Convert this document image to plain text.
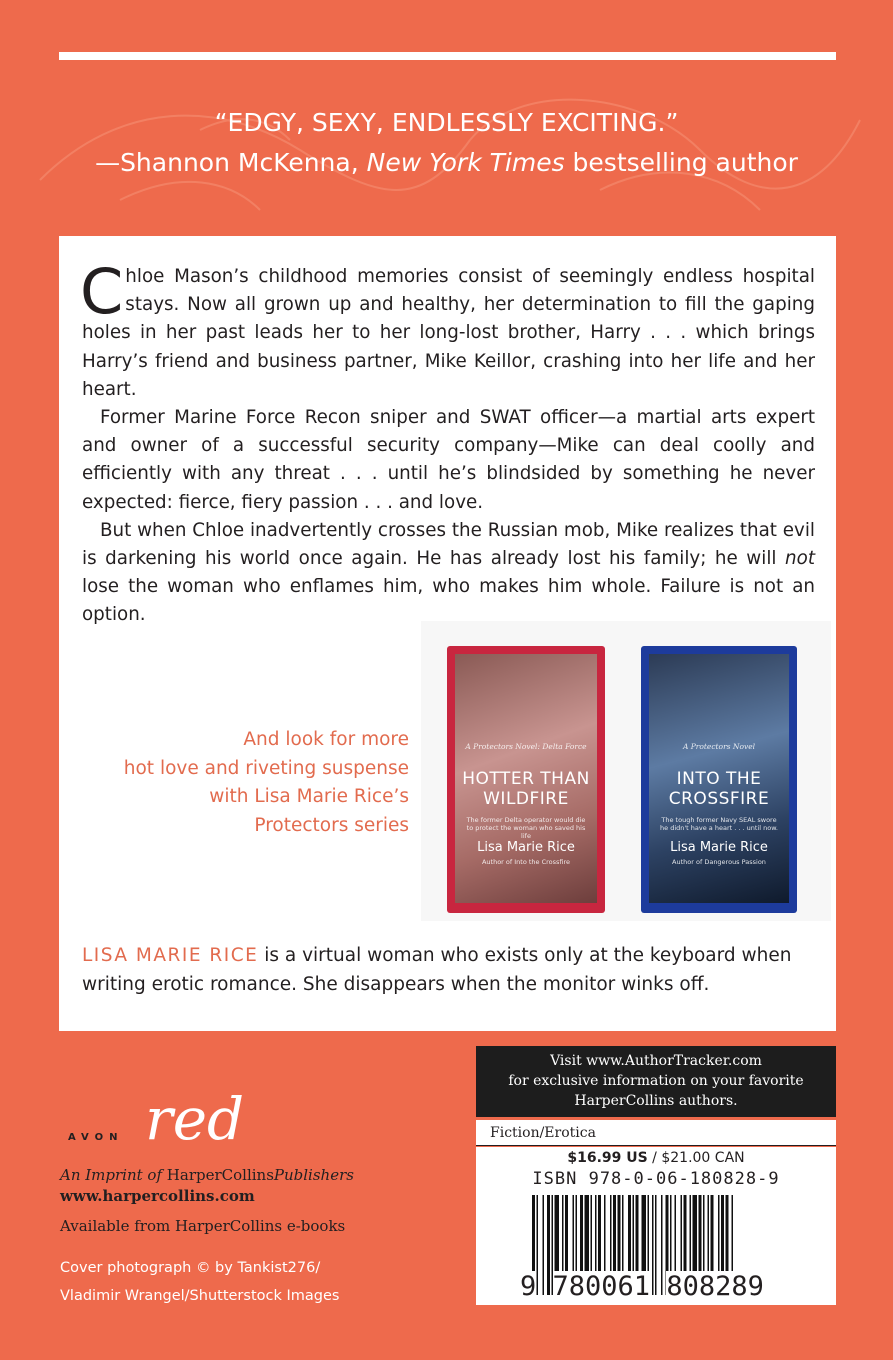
“EDGY, SEXY, ENDLESSLY EXCITING.”
—Shannon McKenna, New York Times bestselling author

Chloe Mason’s childhood memories consist of seemingly endless hospital stays. Now all grown up and healthy, her determination to fill the gaping holes in her past leads her to her long-lost brother, Harry . . . which brings Harry’s friend and business partner, Mike Keillor, crashing into her life and her heart.

Former Marine Force Recon sniper and SWAT officer—a martial arts expert and owner of a successful security company—Mike can deal coolly and efficiently with any threat . . . until he’s blindsided by something he never expected: fierce, fiery passion . . . and love.

But when Chloe inadvertently crosses the Russian mob, Mike realizes that evil is darkening his world once again. He has already lost his family; he will not lose the woman who enflames him, who makes him whole. Failure is not an option.

And look for more
hot love and riveting suspense
with Lisa Marie Rice’s
Protectors series
A Protectors Novel: Delta Force
HOTTER THAN
WILDFIRE
The former Delta operator would die to protect the woman who saved his life
Lisa Marie Rice
Author of Into the Crossfire
A Protectors Novel
INTO THE
CROSSFIRE
The tough former Navy SEAL swore he didn't have a heart . . . until now.
Lisa Marie Rice
Author of Dangerous Passion
LISA MARIE RICE is a virtual woman who exists only at the keyboard when writing erotic romance. She disappears when the monitor winks off.
AVON red
An Imprint of HarperCollinsPublishers
www.harpercollins.com
Available from HarperCollins e-books
Cover photograph © by Tankist276/
Vladimir Wrangel/Shutterstock Images
Visit www.AuthorTracker.com
for exclusive information on your favorite
HarperCollins authors.
Fiction/Erotica
$16.99 US / $21.00 CAN
ISBN 978-0-06-180828-9
9 780061 808289
